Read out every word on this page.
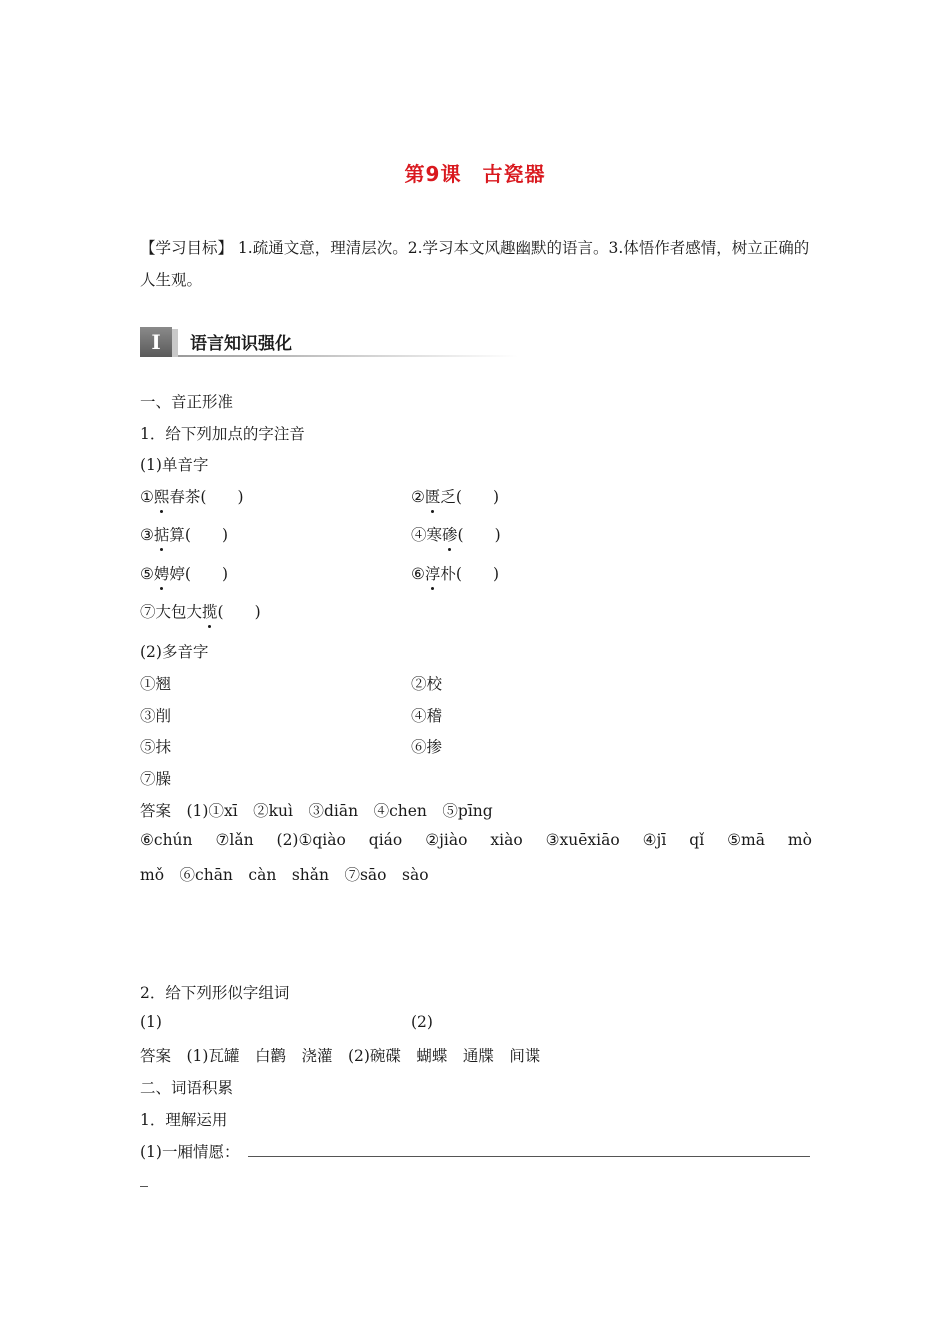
第9课　古瓷器
【学习目标】 1.疏通文意，理清层次。2.学习本文风趣幽默的语言。3.体悟作者感情，树立正确的人生观。
I	语言知识强化
一、音正形准
1．给下列加点的字注音
(1)单音字
①熙春茶(　　)	②匮乏(　　)
③掂算(　　)	④寒碜(　　)
⑤娉婷(　　)	⑥淳朴(　　)
⑦大包大揽(　　)
(2)多音字
①翘	②校
③削	④稽
⑤抹	⑥掺
⑦臊
答案　(1)①xī　②kuì　③diān　④chen　⑤pīng
⑥chún ⑦lǎn (2)①qiào qiáo ②jiào xiào ③xuēxiāo ④jī qǐ ⑤mā mò
mǒ　⑥chān　càn　shǎn　⑦sāo　sào
2．给下列形似字组词
(1)	(2)
答案　(1)瓦罐　白鹳　浇灌　(2)碗碟　蝴蝶　通牒　间谍
二、词语积累
1．理解运用
(1)一厢情愿：
